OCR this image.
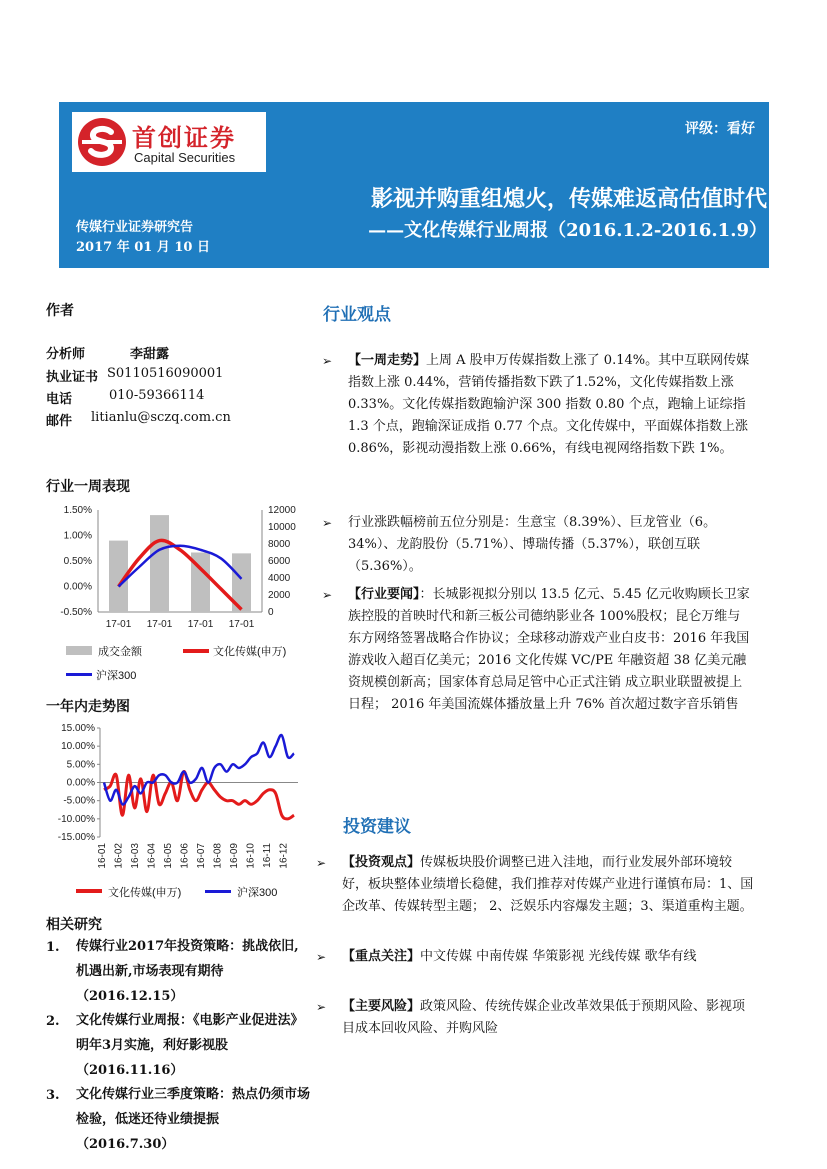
首创证券
Capital Securities
评级：看好
影视并购重组熄火，传媒难返高估值时代
——文化传媒行业周报（2016.1.2-2016.1.9）
传媒行业证券研究告
2017 年 01 月 10 日
作者
分析师	李甜露
执业证书 S0110516090001
电话	010-59366114
邮件 litianlu@sczq.com.cn
行业一周表现
1.50%
1.00%
0.50%
0.00%
-0.50%
12000
10000
8000
6000
4000
2000
0
17-01 17-01 17-01 17-01
成交金额	文化传媒(申万)
沪深300
一年内走势图
15.00%
10.00%
5.00%
0.00%
-5.00%
-10.00%
-15.00%
16-01 16-02 16-03 16-04 16-05 16-06 16-07 16-08 16-09 16-10 16-11 16-12
文化传媒(申万)	沪深300
相关研究
1. 传媒行业2017年投资策略：挑战依旧,机遇出新,市场表现有期待（2016.12.15）
2. 文化传媒行业周报：《电影产业促进法》明年3月实施，利好影视股（2016.11.16）
3. 文化传媒行业三季度策略：热点仍须市场检验，低迷还待业绩提振（2016.7.30）
行业观点
➢ 【一周走势】上周 A 股申万传媒指数上涨了 0.14%。其中互联网传媒指数上涨 0.44%，营销传播指数下跌了1.52%，文化传媒指数上涨 0.33%。文化传媒指数跑输沪深 300 指数 0.80 个点，跑输上证综指 1.3 个点，跑输深证成指 0.77 个点。文化传媒中，平面媒体指数上涨 0.86%，影视动漫指数上涨 0.66%，有线电视网络指数下跌 1%。
➢ 行业涨跌幅榜前五位分别是：生意宝（8.39%）、巨龙管业（6。34%）、龙韵股份（5.71%）、博瑞传播（5.37%），联创互联（5.36%）。
➢ 【行业要闻】：长城影视拟分别以 13.5 亿元、5.45 亿元收购顾长卫家族控股的首映时代和新三板公司德纳影业各 100%股权；昆仑万维与东方网络签署战略合作协议；全球移动游戏产业白皮书：2016 年我国游戏收入超百亿美元；2016 文化传媒 VC/PE 年融资超 38 亿美元融资规模创新高；国家体育总局足管中心正式注销 成立职业联盟被提上日程； 2016 年美国流媒体播放量上升 76% 首次超过数字音乐销售
投资建议
➢ 【投资观点】传媒板块股价调整已进入洼地，而行业发展外部环境较好，板块整体业绩增长稳健，我们推荐对传媒产业进行谨慎布局：1、国企改革、传媒转型主题； 2、泛娱乐内容爆发主题；3、渠道重构主题。
➢ 【重点关注】中文传媒 中南传媒 华策影视 光线传媒 歌华有线
➢ 【主要风险】政策风险、传统传媒企业改革效果低于预期风险、影视项目成本回收风险、并购风险
